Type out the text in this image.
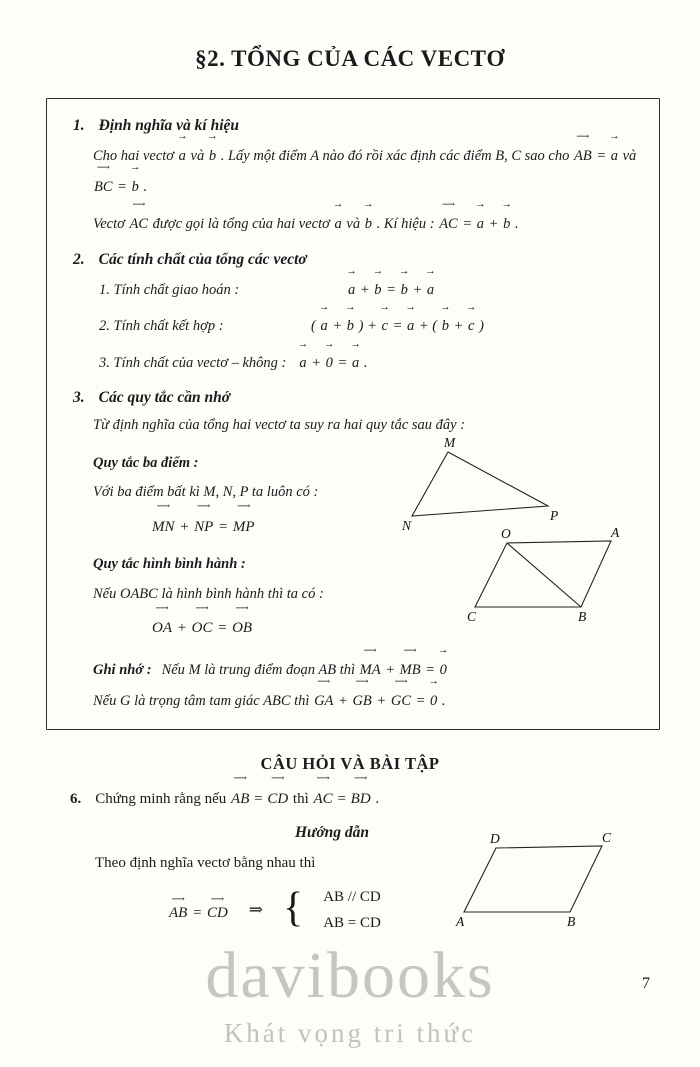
§2. TỔNG CỦA CÁC VECTƠ
1. Định nghĩa và kí hiệu

Cho hai vectơ → a và → b . Lấy một điểm A nào đó rồi xác định các điểm B, C sao cho ⟶ AB = → a và ⟶ BC = → b .

Vectơ ⟶ AC được gọi là tổng của hai vectơ → a và → b . Kí hiệu : ⟶ AC = → a + → b .

2. Các tính chất của tổng các vectơ
1. Tính chất giao hoán :	→ a + → b = → b + → a
2. Tính chất kết hợp :	( → a + → b ) + → c = → a + ( → b + → c )
3. Tính chất của vectơ – không : → a + → 0 = → a .
3. Các quy tắc cần nhớ

Từ định nghĩa của tổng hai vectơ ta suy ra hai quy tắc sau đây :

Quy tắc ba điểm :

Với ba điểm bất kì M, N, P ta luôn có :

⟶ MN + ⟶ NP = ⟶ MP

M
N
P

Quy tắc hình bình hành :

Nếu OABC là hình bình hành thì ta có :

⟶ OA + ⟶ OC = ⟶ OB

O	A
C	B

Ghi nhớ : Nếu M là trung điểm đoạn AB thì ⟶ MA + ⟶ MB = → 0

Nếu G là trọng tâm tam giác ABC thì ⟶ GA + ⟶ GB + ⟶ GC = → 0 .

CÂU HỎI VÀ BÀI TẬP
6. Chứng minh rằng nếu ⟶ AB = ⟶ CD thì ⟶ AC = ⟶ BD .

Hướng dẫn

Theo định nghĩa vectơ bằng nhau thì

⟶ AB = ⟶ CD ⇒ { AB // CD
AB = CD
D	C
A	B
7
davibooks
Khát vọng tri thức
